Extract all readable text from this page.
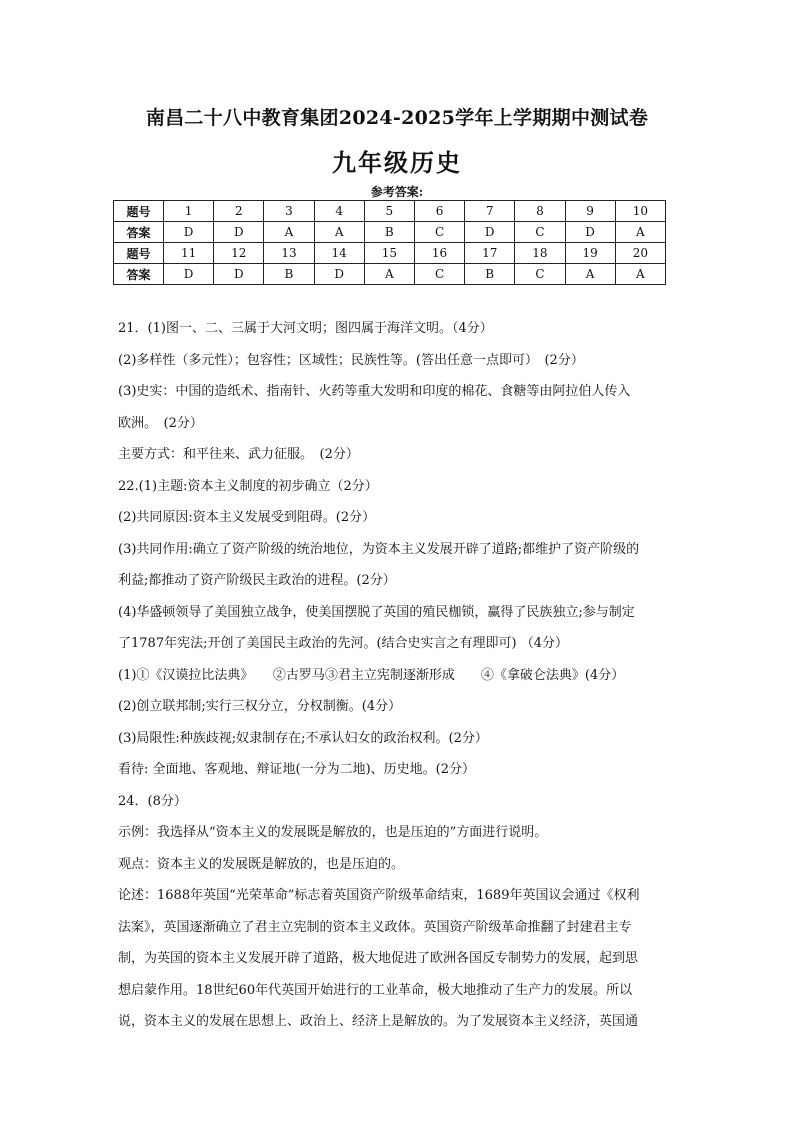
南昌二十八中教育集团2024-2025学年上学期期中测试卷
九年级历史
参考答案:
题号	1	2	3	4	5	6	7	8	9	10
答案	D	D	A	A	B	C	D	C	D	A
题号	11	12	13	14	15	16	17	18	19	20
答案	D	D	B	D	A	C	B	C	A	A

21．(1)图一、二、三属于大河文明；图四属于海洋文明。（4分）

(2)多样性（多元性）；包容性；区域性；民族性等。(答出任意一点即可）　(2分）

(3)史实：中国的造纸术、指南针、火药等重大发明和印度的棉花、食糖等由阿拉伯人传入

欧洲。　(2分）

主要方式：和平往来、武力征服。　(2分）

22.(1)主题:资本主义制度的初步确立（2分）

(2)共同原因:资本主义发展受到阻碍。(2分）

(3)共同作用:确立了资产阶级的统治地位，为资本主义发展开辟了道路;都维护了资产阶级的

利益;都推动了资产阶级民主政治的进程。(2分）

(4)华盛顿领导了美国独立战争，使美国摆脱了英国的殖民枷锁，赢得了民族独立;参与制定

了1787年宪法;开创了美国民主政治的先河。(结合史实言之有理即可) （4分）

(1)①《汉谟拉比法典》　　②古罗马③君主立宪制逐渐形成　　④《拿破仑法典》(4分）

(2)创立联邦制;实行三权分立，分权制衡。(4分）

(3)局限性:种族歧视;奴隶制存在;不承认妇女的政治权利。(2分）

看待: 全面地、客观地、辩证地(一分为二地)、历史地。(2分）

24．(8分）

示例：我选择从“资本主义的发展既是解放的，也是压迫的”方面进行说明。

观点：资本主义的发展既是解放的，也是压迫的。

论述：1688年英国“光荣革命”标志着英国资产阶级革命结束，1689年英国议会通过《权利

法案》，英国逐渐确立了君主立宪制的资本主义政体。英国资产阶级革命推翻了封建君主专

制，为英国的资本主义发展开辟了道路，极大地促进了欧洲各国反专制势力的发展，起到思

想启蒙作用。18世纪60年代英国开始进行的工业革命，极大地推动了生产力的发展。所以

说，资本主义的发展在思想上、政治上、经济上是解放的。为了发展资本主义经济，英国通
